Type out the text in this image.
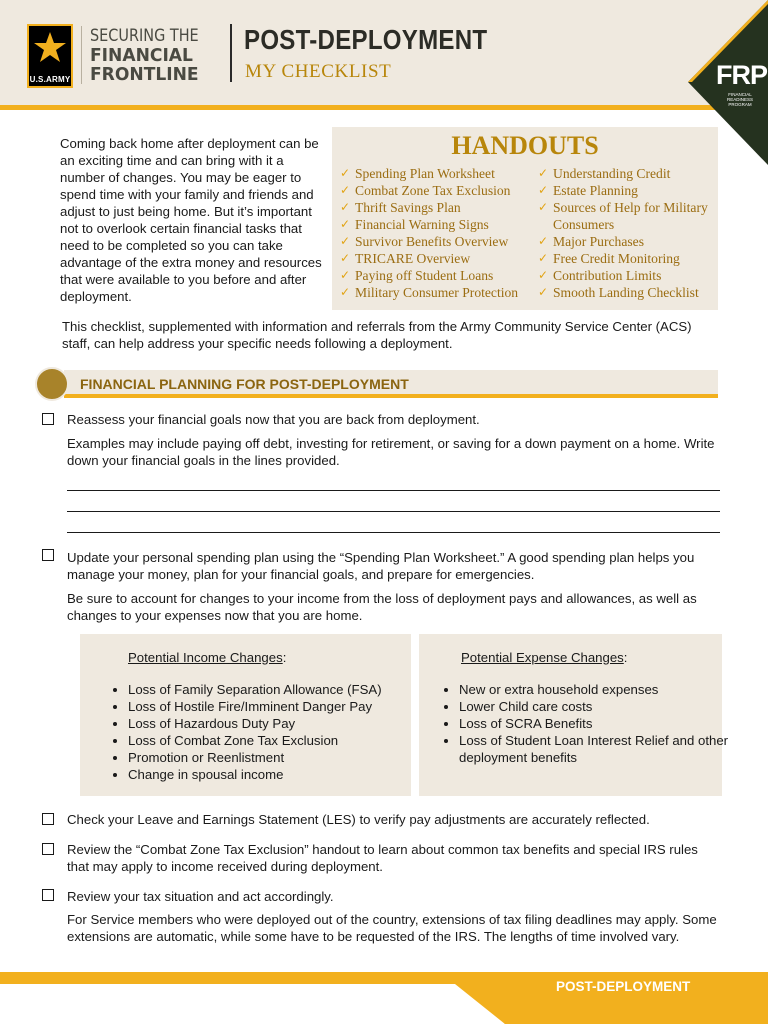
U.S.ARMY
SECURING THE
FINANCIAL
FRONTLINE
POST-DEPLOYMENT
MY CHECKLIST	FRP
FINANCIAL READINESS PROGRAM
Coming back home after deployment can be an exciting time and can bring with it a number of changes. You may be eager to spend time with your family and friends and adjust to just being home. But it’s important not to overlook certain financial tasks that need to be completed so you can take advantage of the extra money and resources that were available to you before and after deployment.
HANDOUTS
✓ Spending Plan Worksheet
✓ Combat Zone Tax Exclusion
✓ Thrift Savings Plan
✓ Financial Warning Signs
✓ Survivor Benefits Overview
✓ TRICARE Overview
✓ Paying off Student Loans
✓ Military Consumer Protection
✓ Understanding Credit
✓ Estate Planning
✓ Sources of Help for Military Consumers
✓ Major Purchases
✓ Free Credit Monitoring
✓ Contribution Limits
✓ Smooth Landing Checklist
This checklist, supplemented with information and referrals from the Army Community Service Center (ACS) staff, can help address your specific needs following a deployment.
FINANCIAL PLANNING FOR POST-DEPLOYMENT
Reassess your financial goals now that you are back from deployment.
Examples may include paying off debt, investing for retirement, or saving for a down payment on a home. Write down your financial goals in the lines provided.
Update your personal spending plan using the “Spending Plan Worksheet.” A good spending plan helps you manage your money, plan for your financial goals, and prepare for emergencies.
Be sure to account for changes to your income from the loss of deployment pays and allowances, as well as changes to your expenses now that you are home.
Potential Income Changes:
• Loss of Family Separation Allowance (FSA)
• Loss of Hostile Fire/Imminent Danger Pay
• Loss of Hazardous Duty Pay
• Loss of Combat Zone Tax Exclusion
• Promotion or Reenlistment
• Change in spousal income
Potential Expense Changes:
• New or extra household expenses
• Lower Child care costs
• Loss of SCRA Benefits
• Loss of Student Loan Interest Relief and other deployment benefits
Check your Leave and Earnings Statement (LES) to verify pay adjustments are accurately reflected.
Review the “Combat Zone Tax Exclusion” handout to learn about common tax benefits and special IRS rules that may apply to income received during deployment.
Review your tax situation and act accordingly.
For Service members who were deployed out of the country, extensions of tax filing deadlines may apply. Some extensions are automatic, while some have to be requested of the IRS. The lengths of time involved vary.
POST-DEPLOYMENT
